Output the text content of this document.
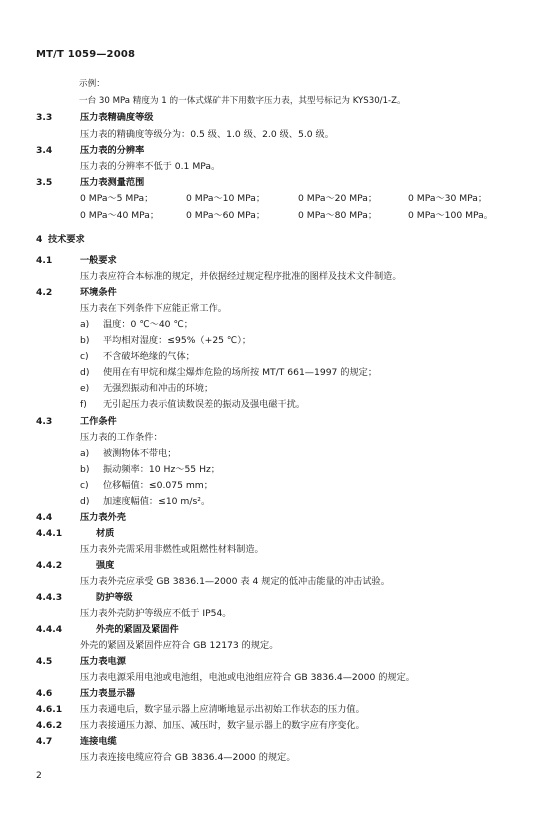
MT/T 1059—2008
示例：
一台 30 MPa 精度为 1 的一体式煤矿井下用数字压力表，其型号标记为 KYS30/1-Z。
3.3	压力表精确度等级
压力表的精确度等级分为：0.5 级、1.0 级、2.0 级、5.0 级。
3.4	压力表的分辨率
压力表的分辨率不低于 0.1 MPa。
3.5	压力表测量范围
0 MPa～5 MPa；	0 MPa～10 MPa；	0 MPa～20 MPa；	0 MPa～30 MPa；
0 MPa～40 MPa；	0 MPa～60 MPa；	0 MPa～80 MPa；	0 MPa～100 MPa。
4 技术要求
4.1	一般要求
压力表应符合本标准的规定，并依据经过规定程序批准的图样及技术文件制造。
4.2	环境条件
压力表在下列条件下应能正常工作。
a) 温度：0 ℃～40 ℃；
b) 平均相对湿度：≤95%（+25 ℃）；
c) 不含破坏绝缘的气体；
d) 使用在有甲烷和煤尘爆炸危险的场所按 MT/T 661—1997 的规定；
e) 无强烈振动和冲击的环境；
f) 无引起压力表示值读数误差的振动及强电磁干扰。
4.3	工作条件
压力表的工作条件：
a) 被测物体不带电；
b) 振动频率：10 Hz～55 Hz；
c) 位移幅值：≤0.075 mm；
d) 加速度幅值：≤10 m/s²。
4.4	压力表外壳
4.4.1	材质
压力表外壳需采用非燃性或阻燃性材料制造。
4.4.2	强度
压力表外壳应承受 GB 3836.1—2000 表 4 规定的低冲击能量的冲击试验。
4.4.3	防护等级
压力表外壳防护等级应不低于 IP54。
4.4.4	外壳的紧固及紧固件
外壳的紧固及紧固件应符合 GB 12173 的规定。
4.5	压力表电源
压力表电源采用电池或电池组，电池或电池组应符合 GB 3836.4—2000 的规定。
4.6	压力表显示器
4.6.1 压力表通电后，数字显示器上应清晰地显示出初始工作状态的压力值。
4.6.2 压力表接通压力源、加压、减压时，数字显示器上的数字应有序变化。
4.7	连接电缆
压力表连接电缆应符合 GB 3836.4—2000 的规定。
2
